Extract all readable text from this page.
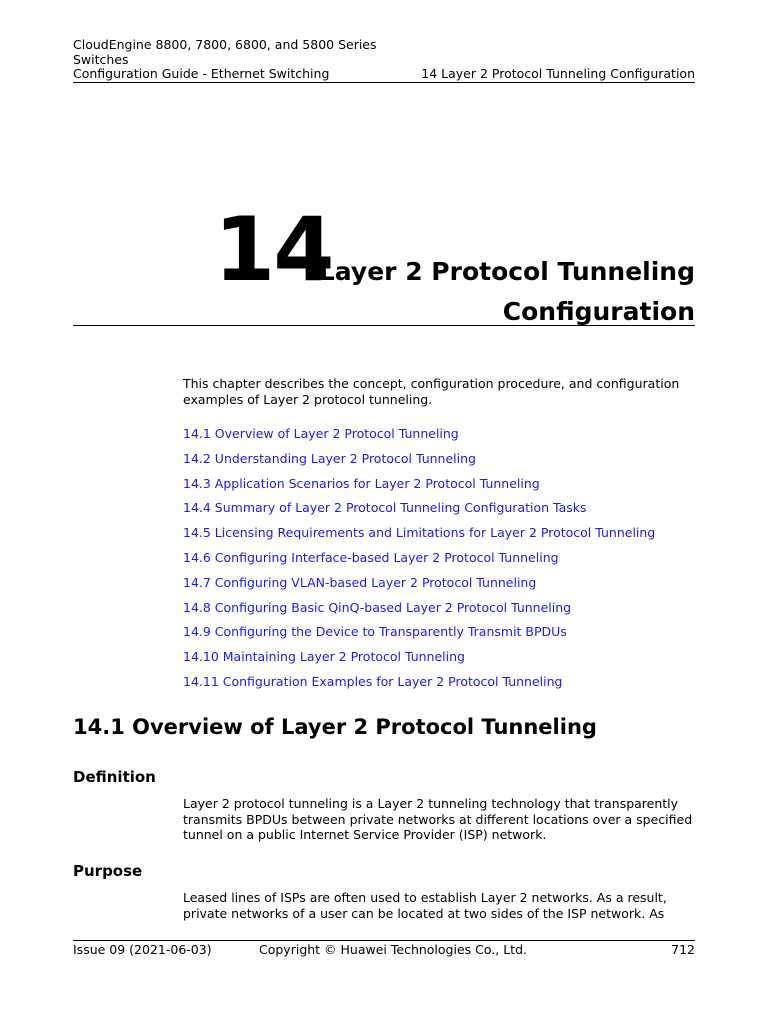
CloudEngine 8800, 7800, 6800, and 5800 Series
Switches
Configuration Guide - Ethernet Switching	14 Layer 2 Protocol Tunneling Configuration
14
Layer 2 Protocol Tunneling
Configuration
This chapter describes the concept, configuration procedure, and configuration examples of Layer 2 protocol tunneling.
14.1 Overview of Layer 2 Protocol Tunneling
14.2 Understanding Layer 2 Protocol Tunneling
14.3 Application Scenarios for Layer 2 Protocol Tunneling
14.4 Summary of Layer 2 Protocol Tunneling Configuration Tasks
14.5 Licensing Requirements and Limitations for Layer 2 Protocol Tunneling
14.6 Configuring Interface-based Layer 2 Protocol Tunneling
14.7 Configuring VLAN-based Layer 2 Protocol Tunneling
14.8 Configuring Basic QinQ-based Layer 2 Protocol Tunneling
14.9 Configuring the Device to Transparently Transmit BPDUs
14.10 Maintaining Layer 2 Protocol Tunneling
14.11 Configuration Examples for Layer 2 Protocol Tunneling
14.1 Overview of Layer 2 Protocol Tunneling
Definition
Layer 2 protocol tunneling is a Layer 2 tunneling technology that transparently transmits BPDUs between private networks at different locations over a specified tunnel on a public Internet Service Provider (ISP) network.
Purpose
Leased lines of ISPs are often used to establish Layer 2 networks. As a result, private networks of a user can be located at two sides of the ISP network. As
Issue 09 (2021-06-03)	Copyright © Huawei Technologies Co., Ltd.	712
